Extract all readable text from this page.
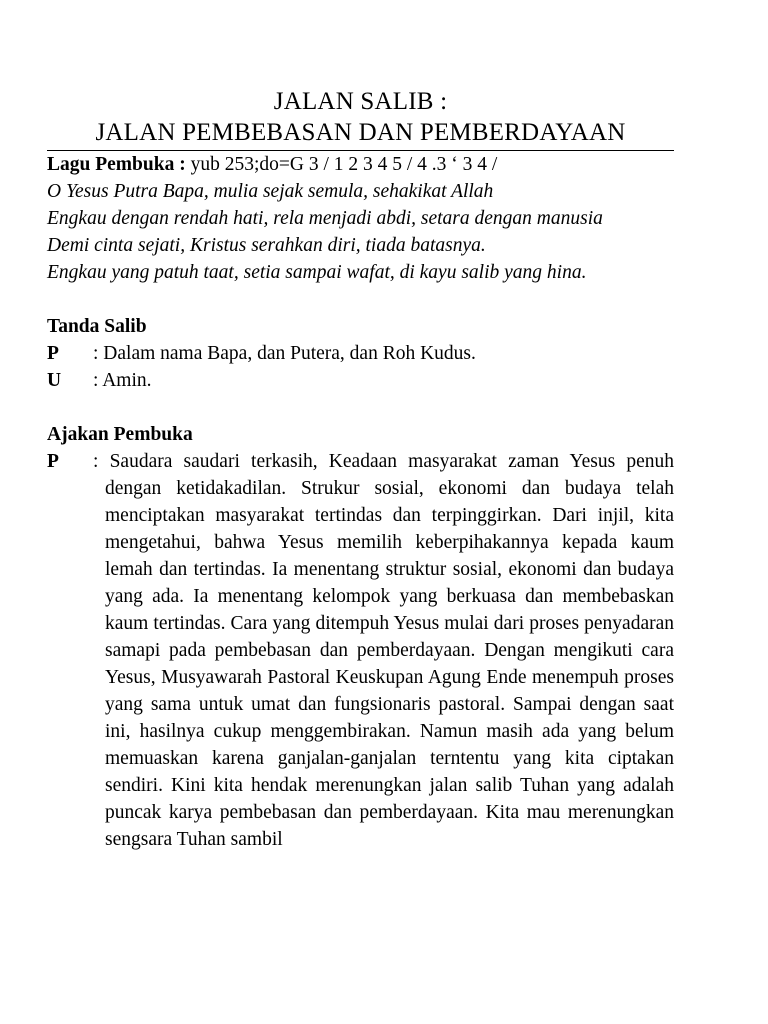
JALAN SALIB :
JALAN PEMBEBASAN DAN PEMBERDAYAAN
Lagu Pembuka : yub 253;do=G 3 / 1 2 3 4 5 / 4 .3 ‘ 3 4 /
O Yesus Putra Bapa, mulia sejak semula, sehakikat Allah
Engkau dengan rendah hati, rela menjadi abdi, setara dengan manusia
Demi cinta sejati, Kristus serahkan diri, tiada batasnya.
Engkau yang patuh taat, setia sampai wafat, di kayu salib yang hina.
Tanda Salib
P	: Dalam nama Bapa, dan Putera, dan Roh Kudus.
U	: Amin.
Ajakan Pembuka
P	: Saudara saudari terkasih, Keadaan masyarakat zaman Yesus penuh dengan ketidakadilan. Strukur sosial, ekonomi dan budaya telah menciptakan masyarakat tertindas dan terpinggirkan. Dari injil, kita mengetahui, bahwa Yesus memilih keberpihakannya kepada kaum lemah dan tertindas. Ia menentang struktur sosial, ekonomi dan budaya yang ada. Ia menentang kelompok yang berkuasa dan membebaskan kaum tertindas. Cara yang ditempuh Yesus mulai dari proses penyadaran samapi pada pembebasan dan pemberdayaan. Dengan mengikuti cara Yesus, Musyawarah Pastoral Keuskupan Agung Ende menempuh proses yang sama untuk umat dan fungsionaris pastoral. Sampai dengan saat ini, hasilnya cukup menggembirakan. Namun masih ada yang belum memuaskan karena ganjalan-ganjalan terntentu yang kita ciptakan sendiri. Kini kita hendak merenungkan jalan salib Tuhan yang adalah puncak karya pembebasan dan pemberdayaan. Kita mau merenungkan sengsara Tuhan sambil
